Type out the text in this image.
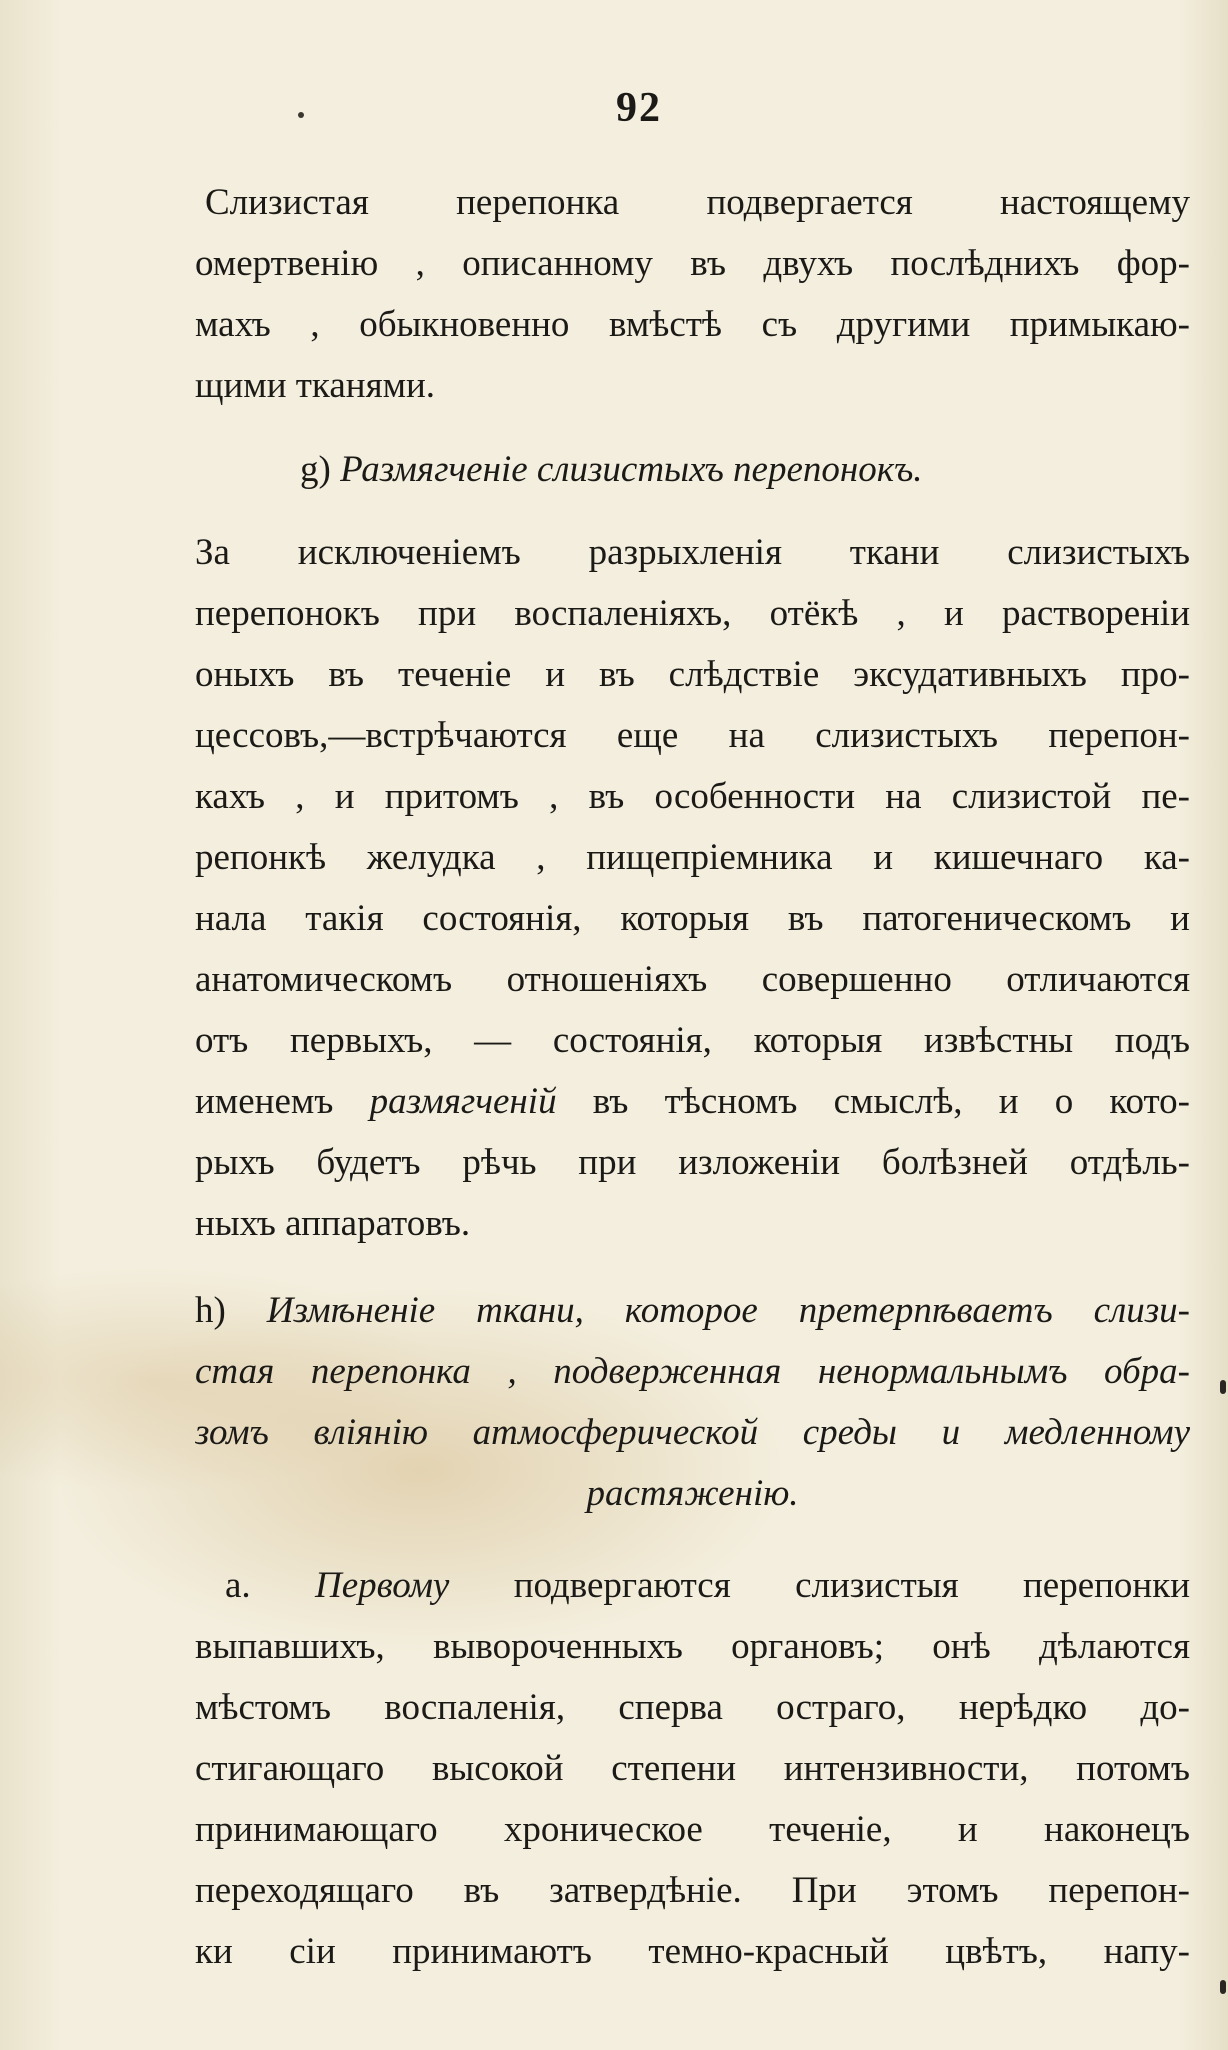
92
Слизистая перепонка подвергается настоящему
омертвенію , описанному въ двухъ послѣднихъ фор-
махъ , обыкновенно вмѣстѣ съ другими примыкаю-
щими тканями.
g) Размягченіе слизистыхъ перепонокъ.
За исключеніемъ разрыхленія ткани слизистыхъ
перепонокъ при воспаленіяхъ, отёкѣ , и раствореніи
оныхъ въ теченіе и въ слѣдствіе эксудативныхъ про-
цессовъ,—встрѣчаются еще на слизистыхъ перепон-
кахъ , и притомъ , въ особенности на слизистой пе-
репонкѣ желудка , пищепріемника и кишечнаго ка-
нала такія состоянія, которыя въ патогеническомъ и
анатомическомъ отношеніяхъ совершенно отличаются
отъ первыхъ, — состоянія, которыя извѣстны подъ
именемъ размягченій въ тѣсномъ смыслѣ, и о кото-
рыхъ будетъ рѣчь при изложеніи болѣзней отдѣль-
ныхъ аппаратовъ.
h) Измѣненіе ткани, которое претерпѣваетъ слизи-
стая перепонка , подверженная ненормальнымъ обра-
зомъ вліянію атмосферической среды и медленному
растяженію.
а. Первому подвергаются слизистыя перепонки
выпавшихъ, вывороченныхъ органовъ; онѣ дѣлаются
мѣстомъ воспаленія, сперва остраго, нерѣдко до-
стигающаго высокой степени интензивности, потомъ
принимающаго хроническое теченіе, и наконецъ
переходящаго въ затвердѣніе. При этомъ перепон-
ки сіи принимаютъ темно-красный цвѣтъ, напу-
